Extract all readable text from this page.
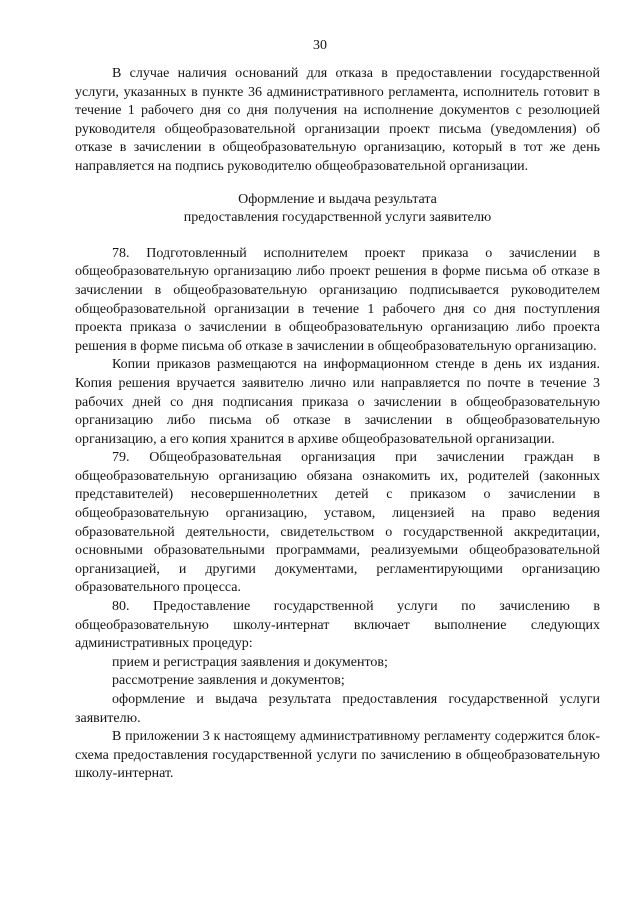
30

В случае наличия оснований для отказа в предоставлении государственной услуги, указанных в пункте 36 административного регламента, исполнитель готовит в течение 1 рабочего дня со дня получения на исполнение документов с резолюцией руководителя общеобразовательной организации проект письма (уведомления) об отказе в зачислении в общеобразовательную организацию, который в тот же день направляется на подпись руководителю общеобразовательной организации.

Оформление и выдача результата
предоставления государственной услуги заявителю

78. Подготовленный исполнителем проект приказа о зачислении в общеобразовательную организацию либо проект решения в форме письма об отказе в зачислении в общеобразовательную организацию подписывается руководителем общеобразовательной организации в течение 1 рабочего дня со дня поступления проекта приказа о зачислении в общеобразовательную организацию либо проекта решения в форме письма об отказе в зачислении в общеобразовательную организацию.

Копии приказов размещаются на информационном стенде в день их издания. Копия решения вручается заявителю лично или направляется по почте в течение 3 рабочих дней со дня подписания приказа о зачислении в общеобразовательную организацию либо письма об отказе в зачислении в общеобразовательную организацию, а его копия хранится в архиве общеобразовательной организации.

79. Общеобразовательная организация при зачислении граждан в общеобразовательную организацию обязана ознакомить их, родителей (законных представителей) несовершеннолетних детей с приказом о зачислении в общеобразовательную организацию, уставом, лицензией на право ведения образовательной деятельности, свидетельством о государственной аккредитации, основными образовательными программами, реализуемыми общеобразовательной организацией, и другими документами, регламентирующими организацию образовательного процесса.

80. Предоставление государственной услуги по зачислению в общеобразовательную школу-интернат включает выполнение следующих административных процедур:

прием и регистрация заявления и документов;

рассмотрение заявления и документов;

оформление и выдача результата предоставления государственной услуги заявителю.

В приложении 3 к настоящему административному регламенту содержится блок-схема предоставления государственной услуги по зачислению в общеобразовательную школу-интернат.
